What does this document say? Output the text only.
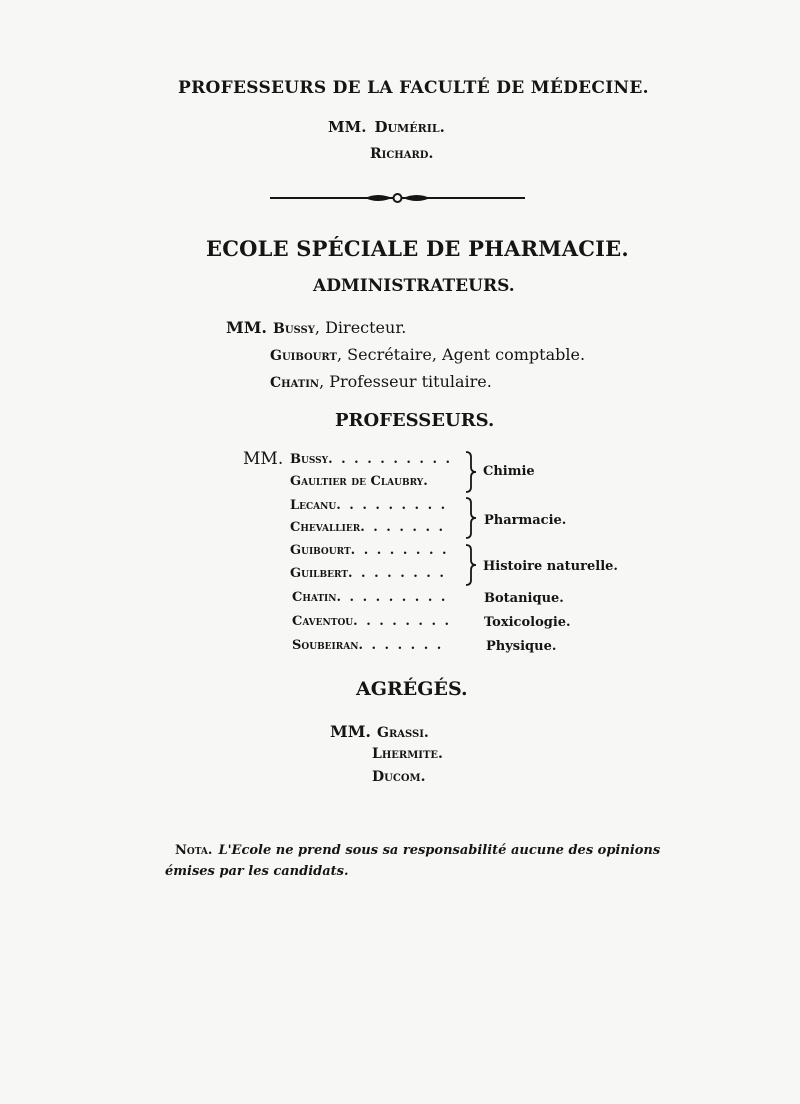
PROFESSEURS DE LA FACULTÉ DE MÉDECINE.
MM. Duméril.
Richard.
ECOLE SPÉCIALE DE PHARMACIE.
ADMINISTRATEURS.
MM. Bussy, Directeur.
Guibourt, Secrétaire, Agent comptable.
Chatin, Professeur titulaire.
PROFESSEURS.
MM. Bussy. . . . . . . . . .
Gaultier de Claubry.
Lecanu. . . . . . . . .
Chevallier. . . . . . .
Guibourt. . . . . . . .
Guilbert. . . . . . . .
Chatin. . . . . . . . .
Caventou. . . . . . . .
Soubeiran. . . . . . .
Chimie
Pharmacie.
Histoire naturelle.
Botanique.
Toxicologie.
Physique.
AGRÉGÉS.
MM. Grassi.
Lhermite.
Ducom.
Nota. L'Ecole ne prend sous sa responsabilité aucune des opinions
émises par les candidats.
